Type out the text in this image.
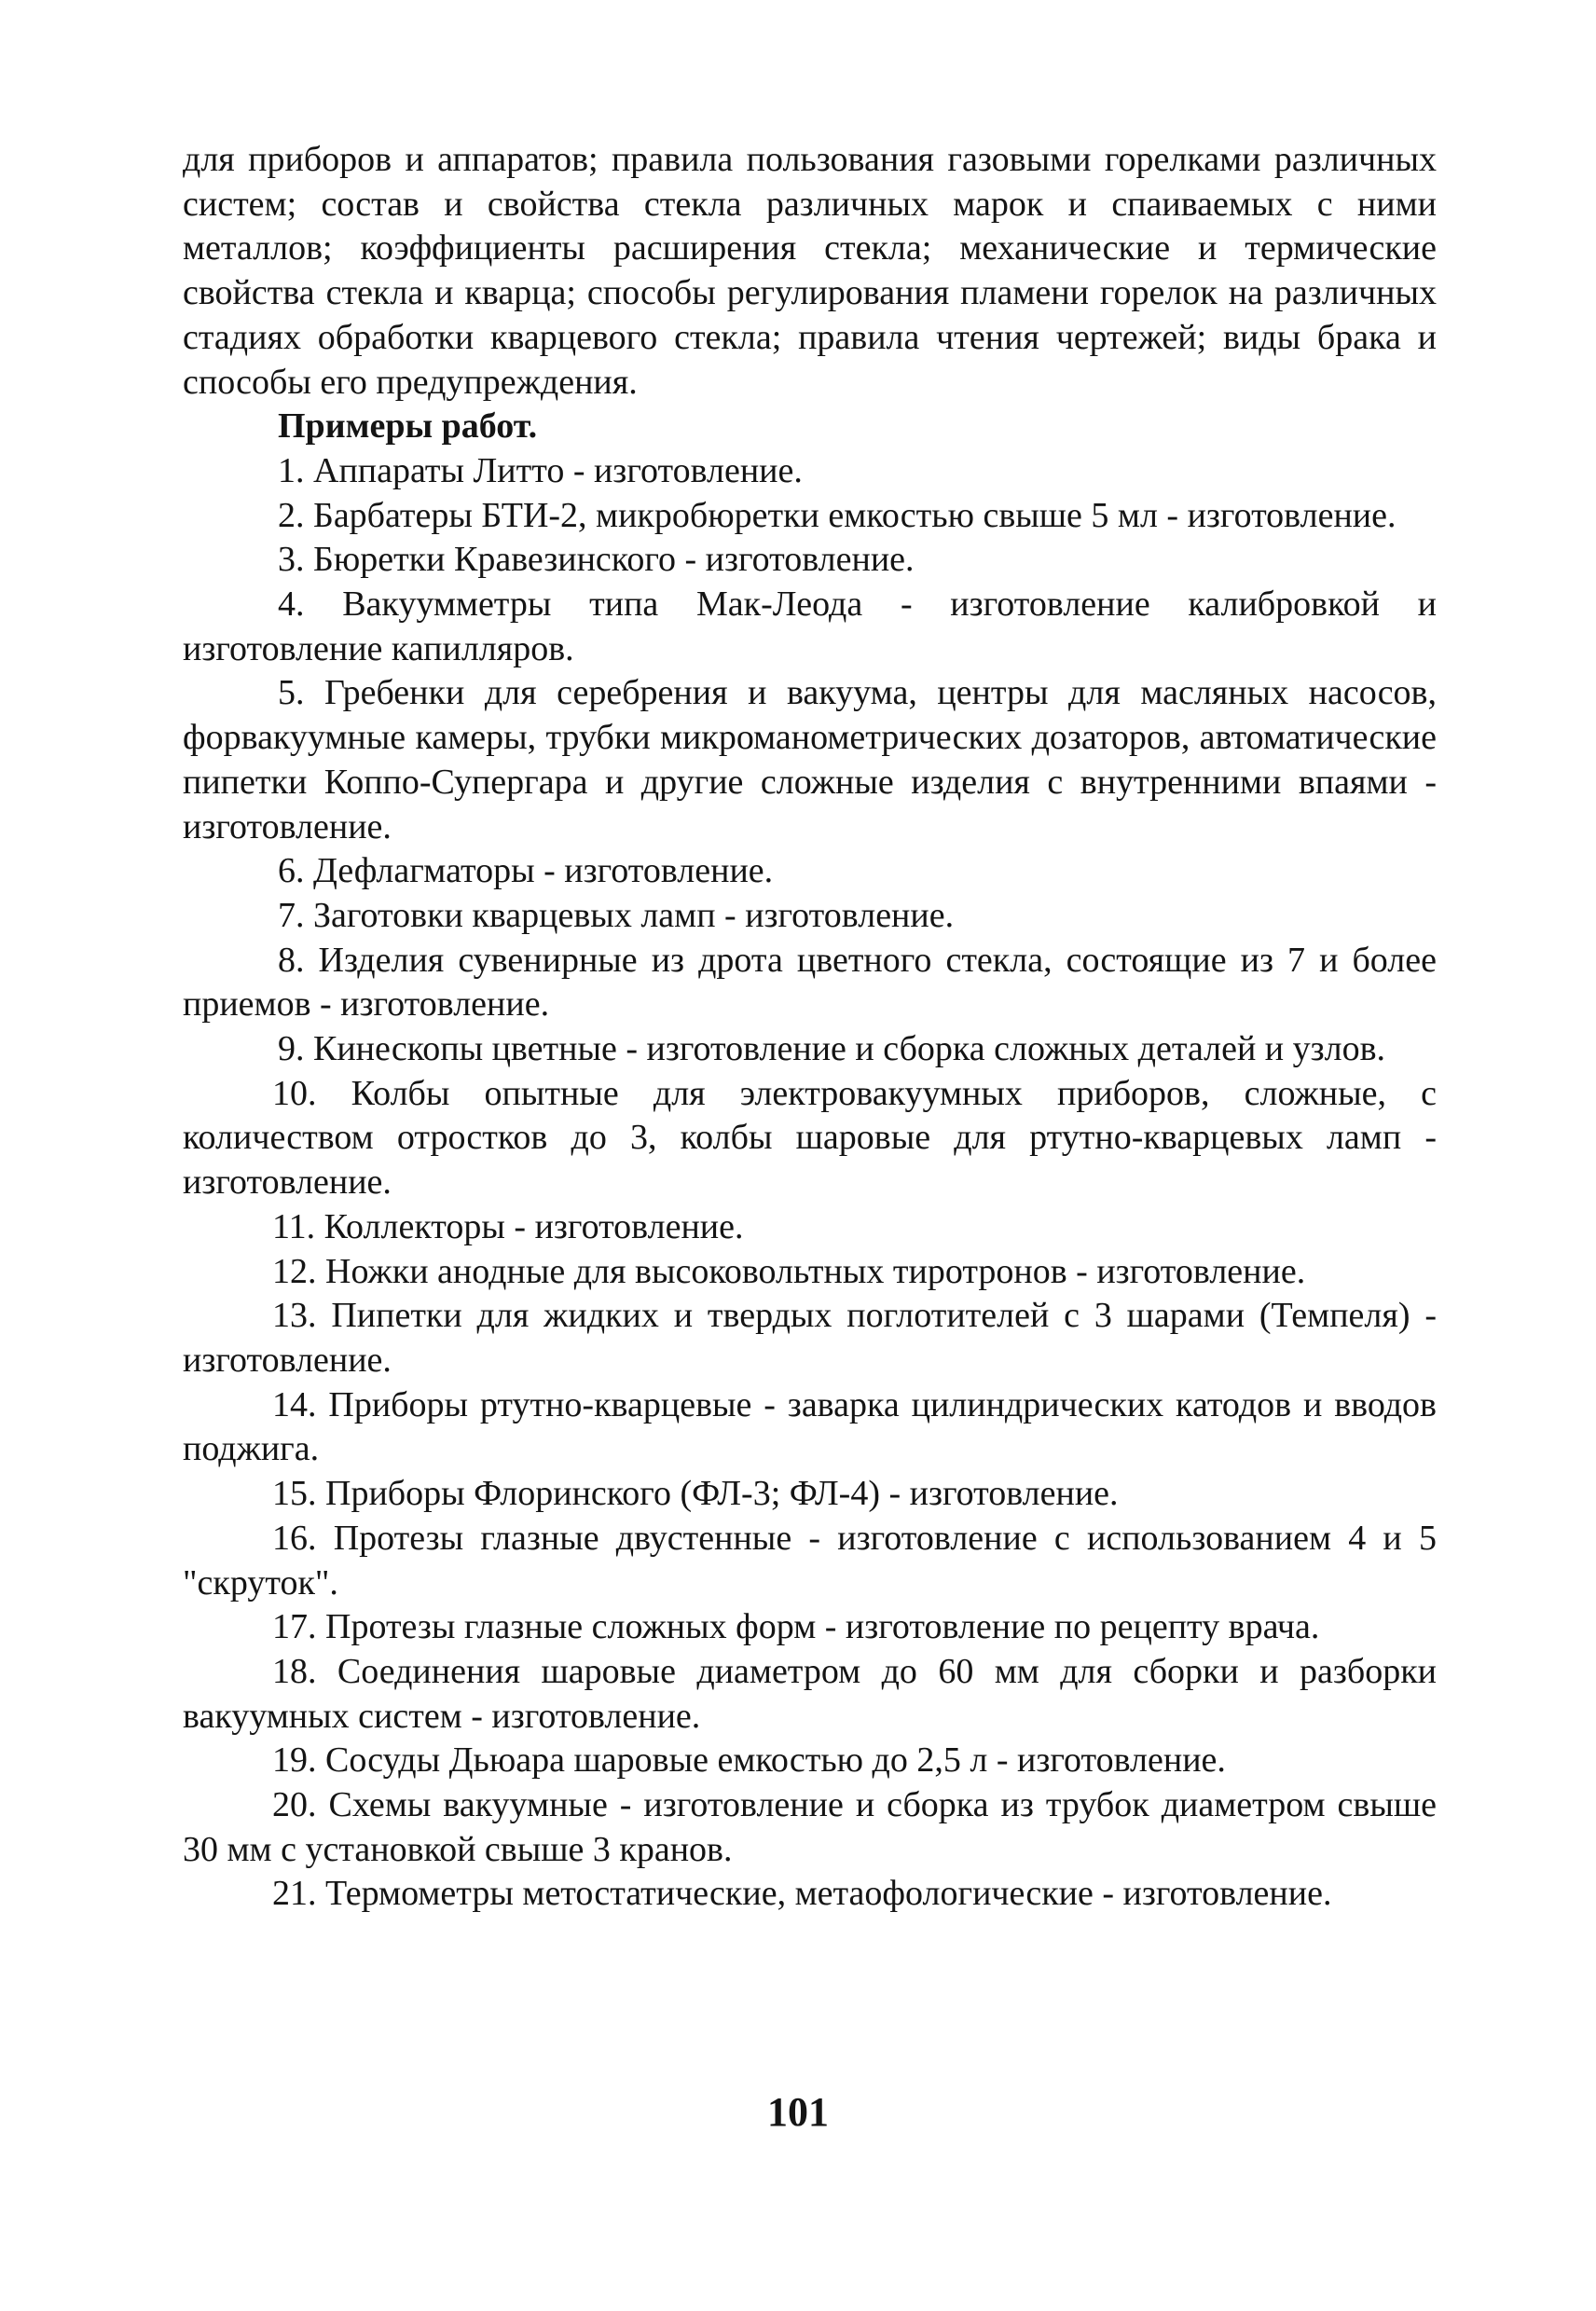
для приборов и аппаратов; правила пользования газовыми горелками различных систем; состав и свойства стекла различных марок и спаиваемых с ними металлов; коэффициенты расширения стекла; механические и термические свойства стекла и кварца; способы регулирования пламени горелок на различных стадиях обработки кварцевого стекла; правила чтения чертежей; виды брака и способы его предупреждения.

Примеры работ.

1. Аппараты Литто - изготовление.

2. Барбатеры БТИ-2, микробюретки емкостью свыше 5 мл - изготовление.

3. Бюретки Кравезинского - изготовление.

4. Вакуумметры типа Мак-Леода - изготовление калибровкой и изготовление капилляров.

5. Гребенки для серебрения и вакуума, центры для масляных насосов, форвакуумные камеры, трубки микроманометрических дозаторов, автоматические пипетки Коппо-Супергара и другие сложные изделия с внутренними впаями - изготовление.

6. Дефлагматоры - изготовление.

7. Заготовки кварцевых ламп - изготовление.

8. Изделия сувенирные из дрота цветного стекла, состоящие из 7 и более приемов - изготовление.

9. Кинескопы цветные - изготовление и сборка сложных деталей и узлов.

10. Колбы опытные для электровакуумных приборов, сложные, с количеством отростков до 3, колбы шаровые для ртутно-кварцевых ламп - изготовление.

11. Коллекторы - изготовление.

12. Ножки анодные для высоковольтных тиротронов - изготовление.

13. Пипетки для жидких и твердых поглотителей с 3 шарами (Темпеля) - изготовление.

14. Приборы ртутно-кварцевые - заварка цилиндрических катодов и вводов поджига.

15. Приборы Флоринского (ФЛ-3; ФЛ-4) - изготовление.

16. Протезы глазные двустенные - изготовление с использованием 4 и 5 "скруток".

17. Протезы глазные сложных форм - изготовление по рецепту врача.

18. Соединения шаровые диаметром до 60 мм для сборки и разборки вакуумных систем - изготовление.

19. Сосуды Дьюара шаровые емкостью до 2,5 л - изготовление.

20. Схемы вакуумные - изготовление и сборка из трубок диаметром свыше 30 мм с установкой свыше 3 кранов.

21. Термометры метостатические, метаофологические - изготовление.

101
